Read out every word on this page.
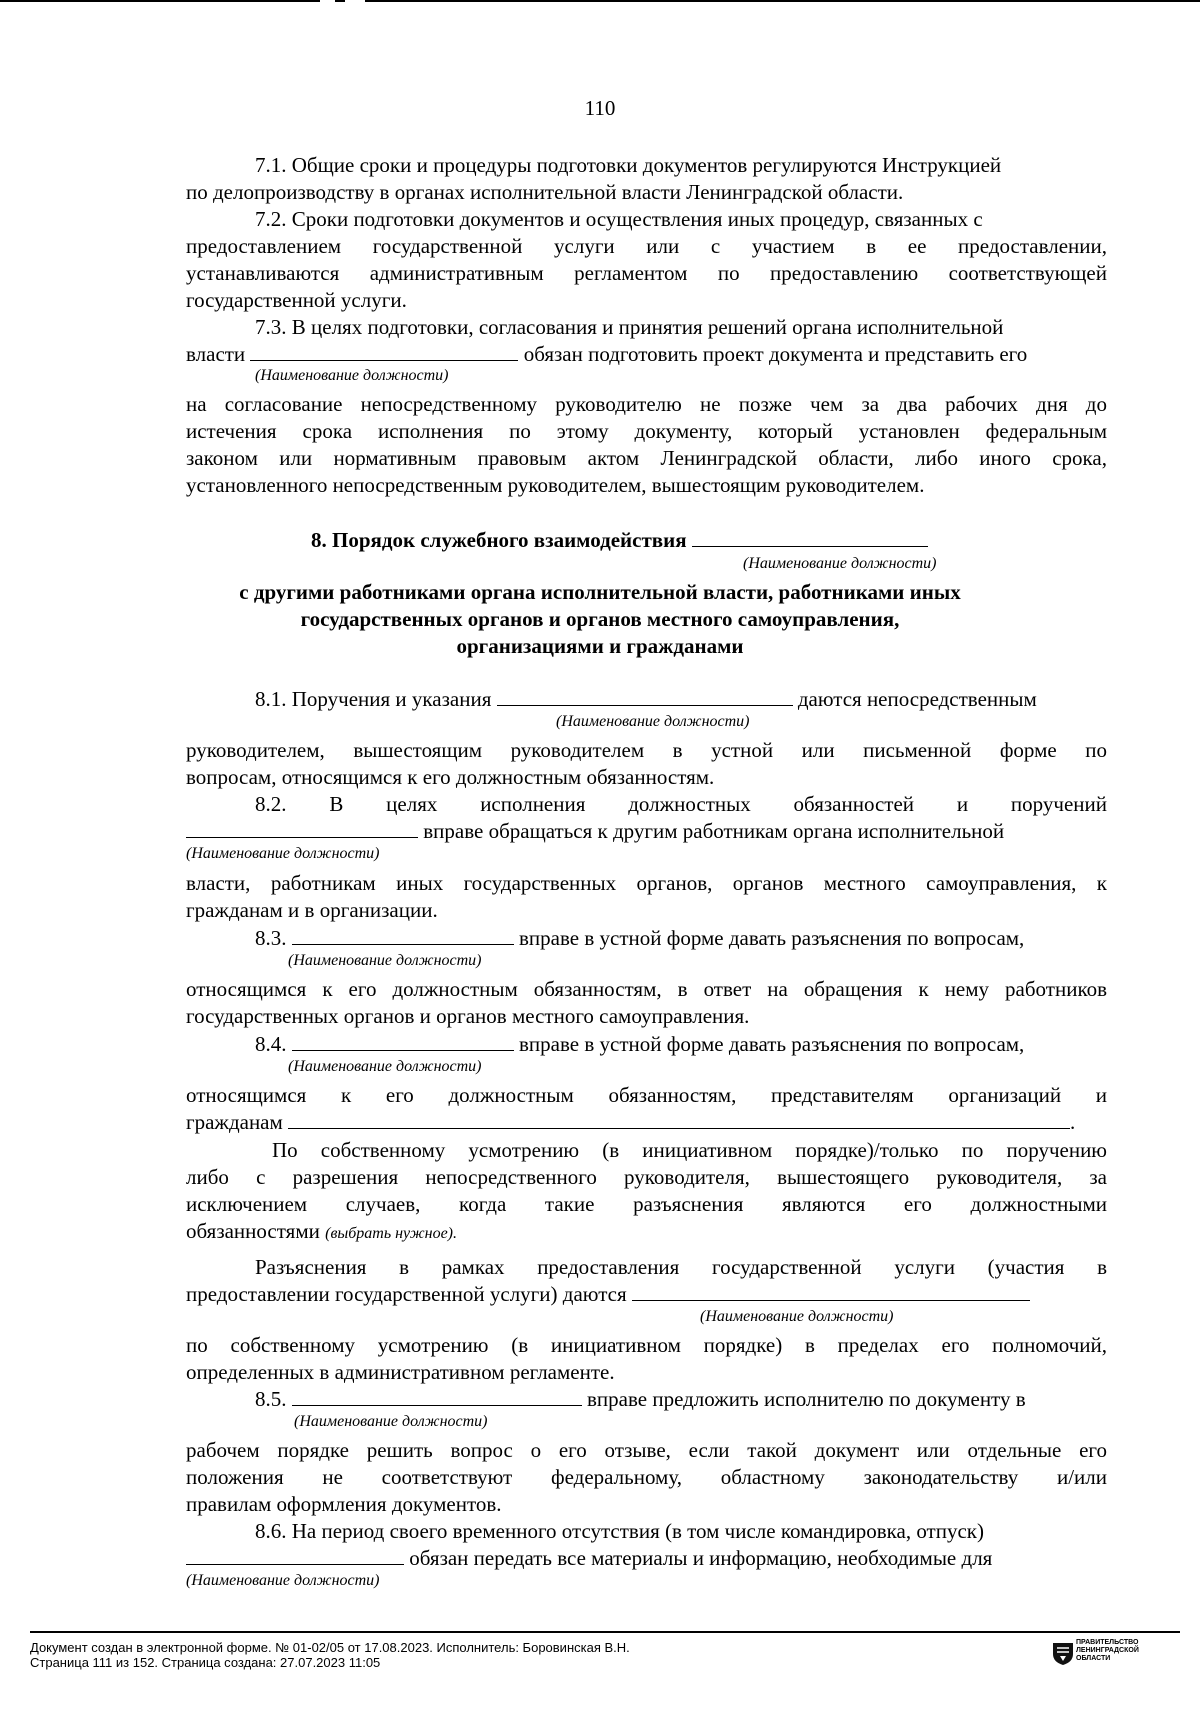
110
7.1. Общие сроки и процедуры подготовки документов регулируются Инструкцией
по делопроизводству в органах исполнительной власти Ленинградской области.
7.2. Сроки подготовки документов и осуществления иных процедур, связанных с
предоставлением государственной услуги или с участием в ее предоставлении,
устанавливаются административным регламентом по предоставлению соответствующей
государственной услуги.
7.3. В целях подготовки, согласования и принятия решений органа исполнительной
власти	обязан подготовить проект документа и представить его
(Наименование должности)
на согласование непосредственному руководителю не позже чем за два рабочих дня до
истечения срока исполнения по этому документу, который установлен федеральным
законом или нормативным правовым актом Ленинградской области, либо иного срока,
установленного непосредственным руководителем, вышестоящим руководителем.
8. Порядок служебного взаимодействия
(Наименование должности)
с другими работниками органа исполнительной власти, работниками иных
государственных органов и органов местного самоуправления,
организациями и гражданами
8.1. Поручения и указания	даются непосредственным
(Наименование должности)
руководителем, вышестоящим руководителем в устной или письменной форме по
вопросам, относящимся к его должностным обязанностям.
8.2. В целях исполнения должностных обязанностей и поручений
вправе обращаться к другим работникам органа исполнительной
(Наименование должности)
власти, работникам иных государственных органов, органов местного самоуправления, к
гражданам и в организации.
8.3.	вправе в устной форме давать разъяснения по вопросам,
(Наименование должности)
относящимся к его должностным обязанностям, в ответ на обращения к нему работников
государственных органов и органов местного самоуправления.
8.4.	вправе в устной форме давать разъяснения по вопросам,
(Наименование должности)
относящимся к его должностным обязанностям, представителям организаций и
гражданам	.
По собственному усмотрению (в инициативном порядке)/только по поручению
либо с разрешения непосредственного руководителя, вышестоящего руководителя, за
исключением случаев, когда такие разъяснения являются его должностными
обязанностями (выбрать нужное).
Разъяснения в рамках предоставления государственной услуги (участия в
предоставлении государственной услуги) даются
(Наименование должности)
по собственному усмотрению (в инициативном порядке) в пределах его полномочий,
определенных в административном регламенте.
8.5.	вправе предложить исполнителю по документу в
(Наименование должности)
рабочем порядке решить вопрос о его отзыве, если такой документ или отдельные его
положения не соответствуют федеральному, областному законодательству и/или
правилам оформления документов.
8.6. На период своего временного отсутствия (в том числе командировка, отпуск)
обязан передать все материалы и информацию, необходимые для
(Наименование должности)
Документ создан в электронной форме. № 01-02/05 от 17.08.2023. Исполнитель: Боровинская В.Н.
Страница 111 из 152. Страница создана: 27.07.2023 11:05
ПРАВИТЕЛЬСТВО
ЛЕНИНГРАДСКОЙ
ОБЛАСТИ
